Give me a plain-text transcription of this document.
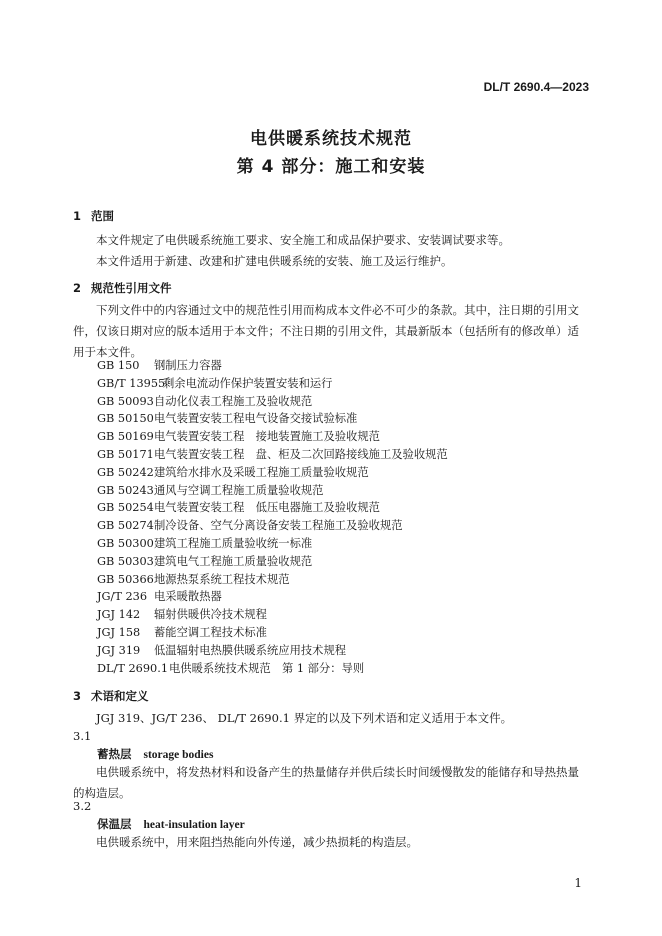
DL/T 2690.4—2023
电供暖系统技术规范
第 4 部分：施工和安装
1 范围
本文件规定了电供暖系统施工要求、安全施工和成品保护要求、安装调试要求等。
本文件适用于新建、改建和扩建电供暖系统的安装、施工及运行维护。
2 规范性引用文件
下列文件中的内容通过文中的规范性引用而构成本文件必不可少的条款。其中，注日期的引用文件，仅该日期对应的版本适用于本文件；不注日期的引用文件，其最新版本（包括所有的修改单）适用于本文件。
GB 150 钢制压力容器
GB/T 13955剩余电流动作保护装置安装和运行
GB 50093自动化仪表工程施工及验收规范
GB 50150电气装置安装工程电气设备交接试验标准
GB 50169电气装置安装工程　接地装置施工及验收规范
GB 50171电气装置安装工程　盘、柜及二次回路接线施工及验收规范
GB 50242建筑给水排水及采暖工程施工质量验收规范
GB 50243通风与空调工程施工质量验收规范
GB 50254电气装置安装工程　低压电器施工及验收规范
GB 50274制冷设备、空气分离设备安装工程施工及验收规范
GB 50300建筑工程施工质量验收统一标准
GB 50303建筑电气工程施工质量验收规范
GB 50366地源热泵系统工程技术规范
JG/T 236 电采暖散热器
JGJ 142 辐射供暖供冷技术规程
JGJ 158 蓄能空调工程技术标准
JGJ 319 低温辐射电热膜供暖系统应用技术规程
DL/T 2690.1电供暖系统技术规范　第 1 部分：导则
3 术语和定义
JGJ 319、JG/T 236、 DL/T 2690.1 界定的以及下列术语和定义适用于本文件。
3.1
蓄热层 storage bodies
电供暖系统中，将发热材料和设备产生的热量储存并供后续长时间缓慢散发的能储存和导热热量的构造层。
3.2
保温层 heat-insulation layer
电供暖系统中，用来阻挡热能向外传递，减少热损耗的构造层。
1
